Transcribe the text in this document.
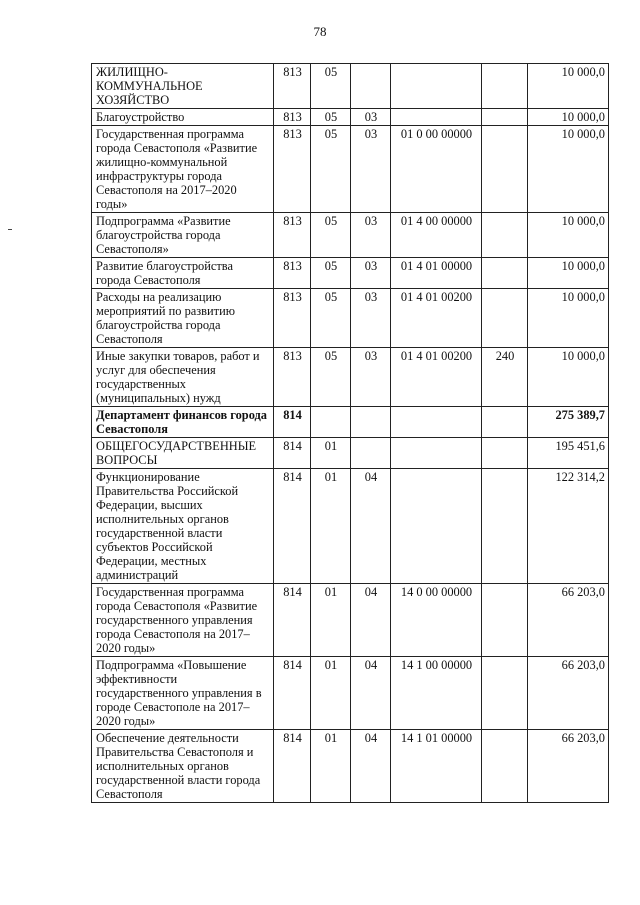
78
ЖИЛИЩНО-КОММУНАЛЬНОЕ ХОЗЯЙСТВО	813	05				10 000,0
Благоустройство	813	05	03			10 000,0
Государственная программа города Севастополя «Развитие жилищно-коммунальной инфраструктуры города Севастополя на 2017–2020 годы»	813	05	03	01 0 00 00000		10 000,0
Подпрограмма «Развитие благоустройства города Севастополя»	813	05	03	01 4 00 00000		10 000,0
Развитие благоустройства города Севастополя	813	05	03	01 4 01 00000		10 000,0
Расходы на реализацию мероприятий по развитию благоустройства города Севастополя	813	05	03	01 4 01 00200		10 000,0
Иные закупки товаров, работ и услуг для обеспечения государственных (муниципальных) нужд	813	05	03	01 4 01 00200	240	10 000,0
Департамент финансов города Севастополя	814					275 389,7
ОБЩЕГОСУДАРСТВЕННЫЕ ВОПРОСЫ	814	01				195 451,6
Функционирование Правительства Российской Федерации, высших исполнительных органов государственной власти субъектов Российской Федерации, местных администраций	814	01	04			122 314,2
Государственная программа города Севастополя «Развитие государственного управления города Севастополя на 2017–2020 годы»	814	01	04	14 0 00 00000		66 203,0
Подпрограмма «Повышение эффективности государственного управления в городе Севастополе на 2017–2020 годы»	814	01	04	14 1 00 00000		66 203,0
Обеспечение деятельности Правительства Севастополя и исполнительных органов государственной власти города Севастополя	814	01	04	14 1 01 00000		66 203,0
